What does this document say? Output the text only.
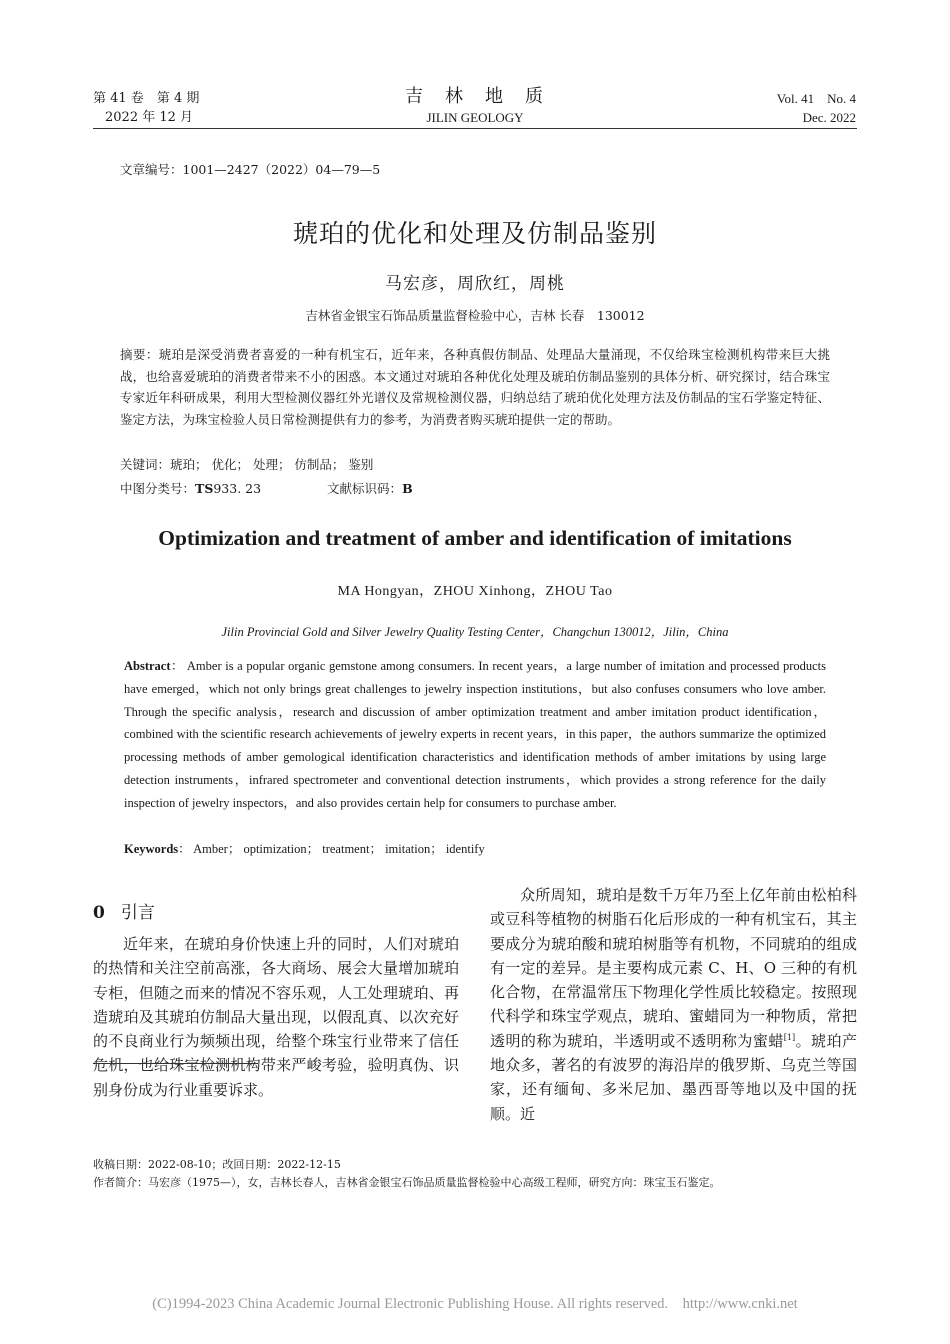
第 41 卷　第 4 期
2022 年 12 月
吉　林　地　质
JILIN GEOLOGY
Vol. 41　No. 4
Dec. 2022
文章编号：1001—2427（2022）04—79—5
琥珀的优化和处理及仿制品鉴别
马宏彦，周欣红，周桃
吉林省金银宝石饰品质量监督检验中心，吉林 长春　130012
摘要：琥珀是深受消费者喜爱的一种有机宝石，近年来，各种真假仿制品、处理品大量涌现，不仅给珠宝检测机构带来巨大挑战，也给喜爱琥珀的消费者带来不小的困惑。本文通过对琥珀各种优化处理及琥珀仿制品鉴别的具体分析、研究探讨，结合珠宝专家近年科研成果，利用大型检测仪器红外光谱仪及常规检测仪器，归纳总结了琥珀优化处理方法及仿制品的宝石学鉴定特征、鉴定方法，为珠宝检验人员日常检测提供有力的参考，为消费者购买琥珀提供一定的帮助。
关键词：琥珀； 优化； 处理； 仿制品； 鉴别
中图分类号：TS933. 23	文献标识码：B
Optimization and treatment of amber and identification of imitations
MA Hongyan，ZHOU Xinhong，ZHOU Tao
Jilin Provincial Gold and Silver Jewelry Quality Testing Center，Changchun 130012，Jilin，China
Abstract： Amber is a popular organic gemstone among consumers. In recent years，a large number of imitation and processed products have emerged，which not only brings great challenges to jewelry inspection institutions，but also confuses consumers who love amber. Through the specific analysis，research and discussion of amber optimization treatment and amber imitation product identification，combined with the scientific research achievements of jewelry experts in recent years，in this paper，the authors summarize the optimized processing methods of amber gemological identification characteristics and identification methods of amber imitations by using large detection instruments，infrared spectrometer and conventional detection instruments，which provides a strong reference for the daily inspection of jewelry inspectors，and also provides certain help for consumers to purchase amber.
Keywords： Amber； optimization； treatment； imitation； identify
0 引言
近年来，在琥珀身价快速上升的同时，人们对琥珀的热情和关注空前高涨，各大商场、展会大量增加琥珀专柜，但随之而来的情况不容乐观，人工处理琥珀、再造琥珀及其琥珀仿制品大量出现，以假乱真、以次充好的不良商业行为频频出现，给整个珠宝行业带来了信任危机，也给珠宝检测机构带来严峻考验，验明真伪、识别身份成为行业重要诉求。
众所周知，琥珀是数千万年乃至上亿年前由松柏科或豆科等植物的树脂石化后形成的一种有机宝石，其主要成分为琥珀酸和琥珀树脂等有机物，不同琥珀的组成有一定的差异。是主要构成元素 C、H、O 三种的有机化合物，在常温常压下物理化学性质比较稳定。按照现代科学和珠宝学观点，琥珀、蜜蜡同为一种物质，常把透明的称为琥珀，半透明或不透明称为蜜蜡[1]。琥珀产地众多，著名的有波罗的海沿岸的俄罗斯、乌克兰等国家，还有缅甸、多米尼加、墨西哥等地以及中国的抚顺。近
收稿日期：2022-08-10；改回日期：2022-12-15
作者简介：马宏彦（1975—），女，吉林长春人，吉林省金银宝石饰品质量监督检验中心高级工程师，研究方向：珠宝玉石鉴定。
(C)1994-2023 China Academic Journal Electronic Publishing House. All rights reserved.    http://www.cnki.net
